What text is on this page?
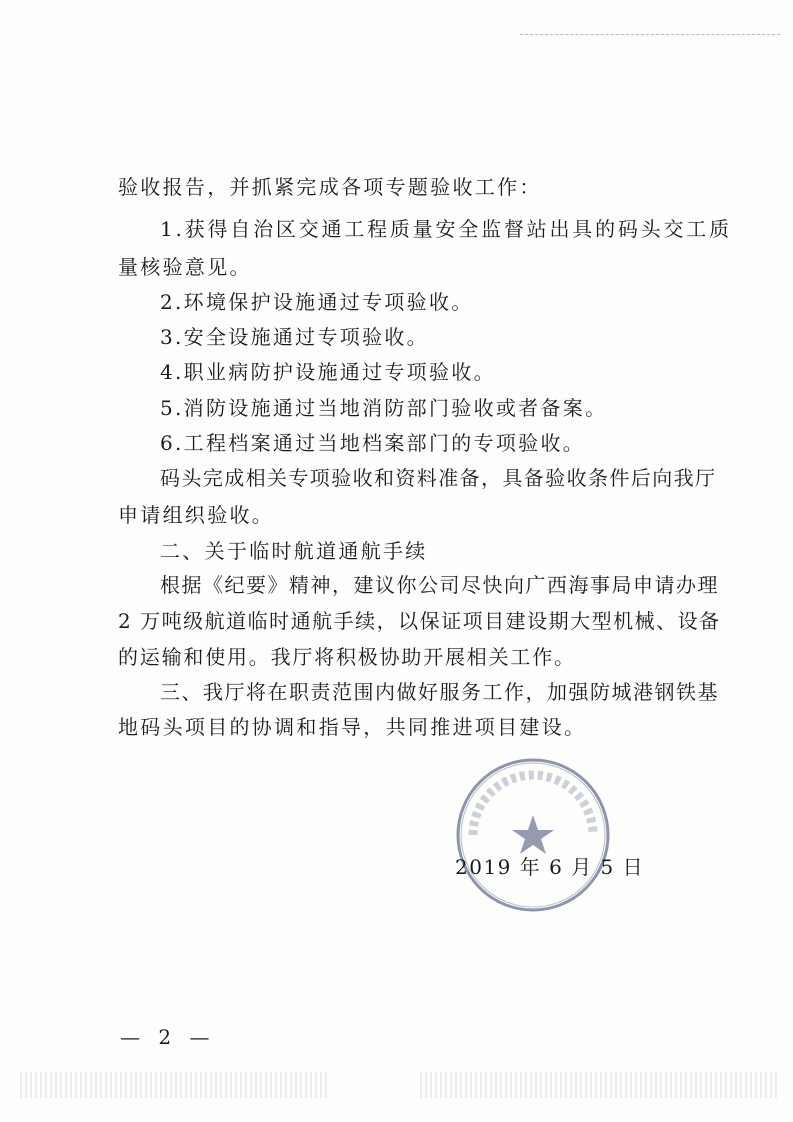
验收报告，并抓紧完成各项专题验收工作：

1.获得自治区交通工程质量安全监督站出具的码头交工质

量核验意见。

2.环境保护设施通过专项验收。

3.安全设施通过专项验收。

4.职业病防护设施通过专项验收。

5.消防设施通过当地消防部门验收或者备案。

6.工程档案通过当地档案部门的专项验收。

码头完成相关专项验收和资料准备，具备验收条件后向我厅

申请组织验收。

二、关于临时航道通航手续

根据《纪要》精神，建议你公司尽快向广西海事局申请办理

2 万吨级航道临时通航手续，以保证项目建设期大型机械、设备

的运输和使用。我厅将积极协助开展相关工作。

三、我厅将在职责范围内做好服务工作，加强防城港钢铁基

地码头项目的协调和指导，共同推进项目建设。

2019 年 6 月 5 日

— 2 —
